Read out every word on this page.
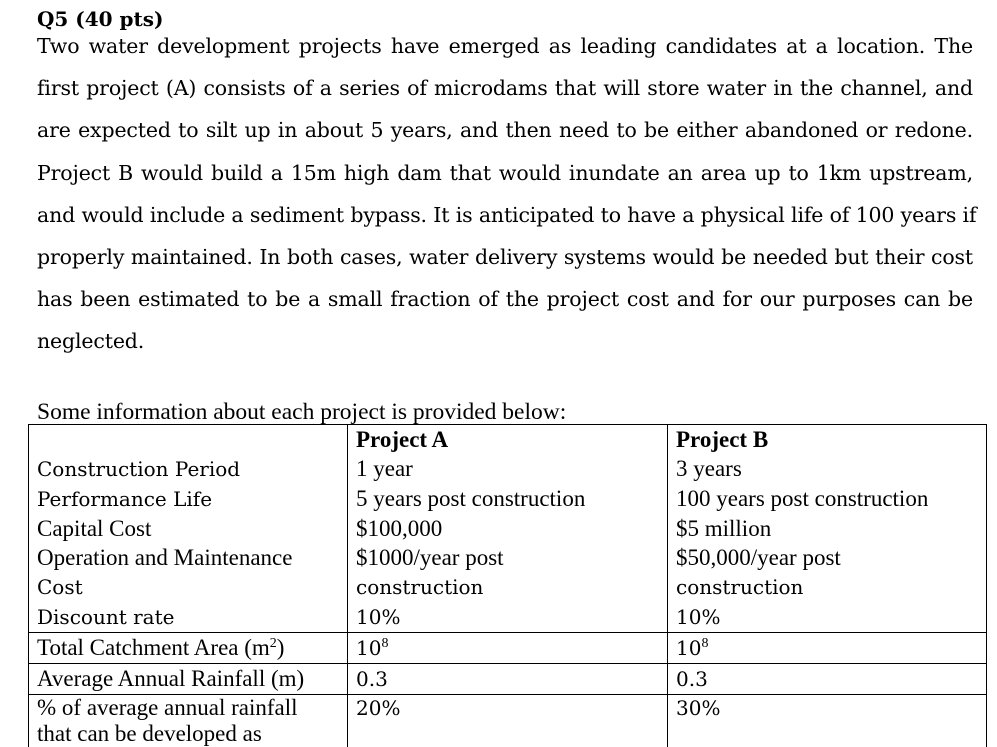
Q5 (40 pts)
Two water development projects have emerged as leading candidates at a location. The
first project (A) consists of a series of microdams that will store water in the channel, and
are expected to silt up in about 5 years, and then need to be either abandoned or redone.
Project B would build a 15m high dam that would inundate an area up to 1km upstream,
and would include a sediment bypass. It is anticipated to have a physical life of 100 years if
properly maintained. In both cases, water delivery systems would be needed but their cost
has been estimated to be a small fraction of the project cost and for our purposes can be
neglected.

Some information about each project is provided below:

	Project A	Project B
Construction Period	1 year	3 years
Performance Life	5 years post construction	100 years post construction
Capital Cost	$100,000	$5 million
Operation and Maintenance	$1000/year post	$50,000/year post
Cost	construction	construction
Discount rate	10%	10%
Total Catchment Area $(m^2)$	$10^8$	$10^8$
Average Annual Rainfall (m)	0.3	0.3
% of average annual rainfall	20%	30%
that can be developed as		
